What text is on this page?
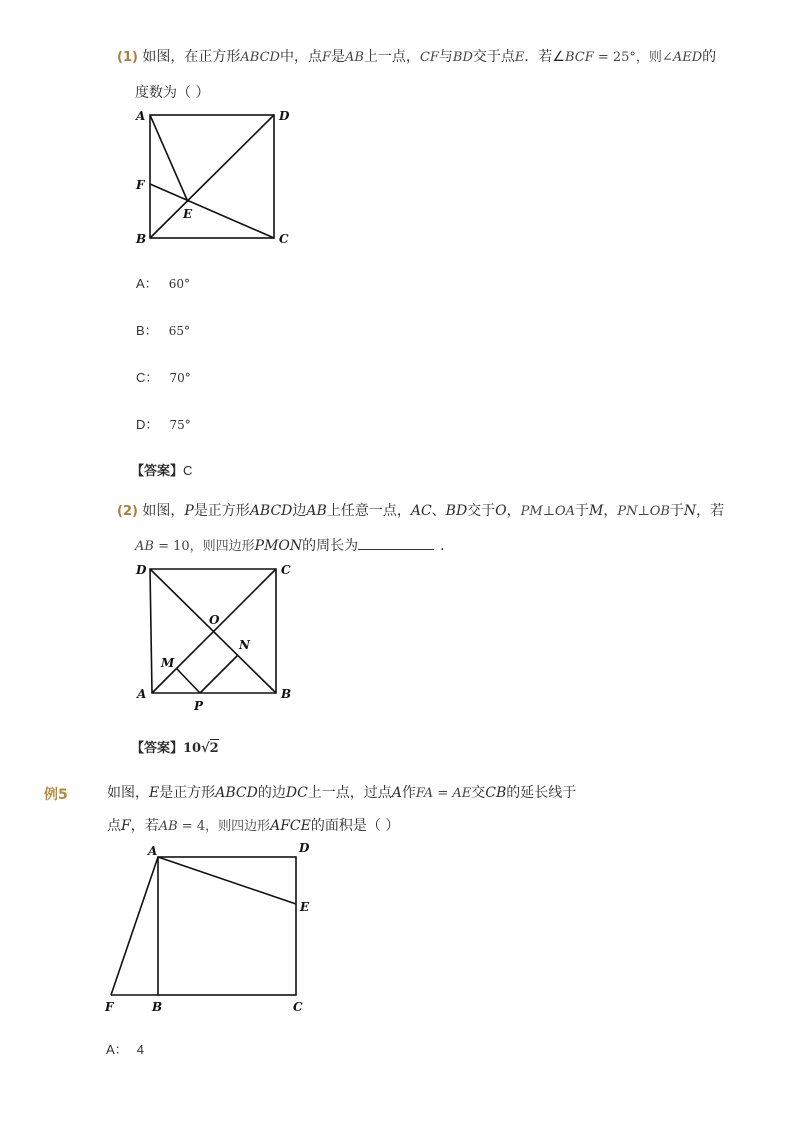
(1) 如图，在正方形ABCD中，点F是AB上一点，CF与BD交于点E．若∠BCF = 25°，则∠AED的
度数为（ ）
A	D
F
E
B	C
A： 60°
B： 65°
C： 70°
D： 75°
【答案】C
(2) 如图，P是正方形ABCD边AB上任意一点，AC、BD交于O，PM⊥OA于M，PN⊥OB于N，若
AB = 10，则四边形PMON的周长为	．
D	C
O
N
M
A
P
B
【答案】10√2
例5	如图，E是正方形ABCD的边DC上一点，过点A作FA = AE交CB的延长线于
点F，若AB = 4，则四边形AFCE的面积是（ ）
A	D
E
F	B	C
A： 4
